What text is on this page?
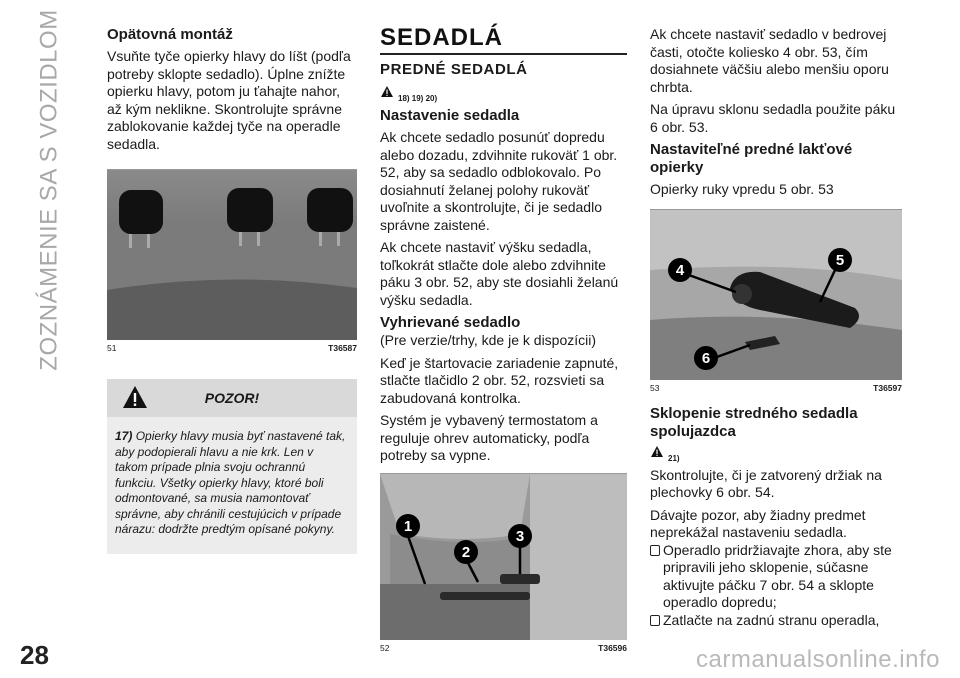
ZOZNÁMENIE SA S VOZIDLOM	Opätovná montáž
Vsuňte tyče opierky hlavy do líšt (podľa potreby sklopte sedadlo). Úplne znížte opierku hlavy, potom ju ťahajte nahor, až kým neklikne. Skontrolujte správne zablokovanie každej tyče na operadle sedadla.
51	T36587
POZOR!
17) Opierky hlavy musia byť nastavené tak, aby podopierali hlavu a nie krk. Len v takom prípade plnia svoju ochrannú funkciu. Všetky opierky hlavy, ktoré boli odmontované, sa musia namontovať správne, aby chránili cestujúcich v prípade nárazu: dodržte predtým opísané pokyny.
SEDADLÁ
PREDNÉ SEDADLÁ
18) 19) 20)
Nastavenie sedadla
Ak chcete sedadlo posunúť dopredu alebo dozadu, zdvihnite rukoväť 1 obr. 52, aby sa sedadlo odblokovalo. Po dosiahnutí želanej polohy rukoväť uvoľnite a skontrolujte, či je sedadlo správne zaistené.
Ak chcete nastaviť výšku sedadla, toľkokrát stlačte dole alebo zdvihnite páku 3 obr. 52, aby ste dosiahli želanú výšku sedadla.
Vyhrievané sedadlo
(Pre verzie/trhy, kde je k dispozícii)
Keď je štartovacie zariadenie zapnuté, stlačte tlačidlo 2 obr. 52, rozsvieti sa zabudovaná kontrolka.
Systém je vybavený termostatom a reguluje ohrev automaticky, podľa potreby sa vypne.
1
2
3
52	T36596
Ak chcete nastaviť sedadlo v bedrovej časti, otočte koliesko 4 obr. 53, čím dosiahnete väčšiu alebo menšiu oporu chrbta.
Na úpravu sklonu sedadla použite páku 6 obr. 53.
Nastaviteľné predné lakťové opierky
Opierky ruky vpredu 5 obr. 53
4
5
6
53	T36597
Sklopenie stredného sedadla spolujazdca
21)
Skontrolujte, či je zatvorený držiak na plechovky 6 obr. 54.
Dávajte pozor, aby žiadny predmet neprekážal nastaveniu sedadla.
Operadlo pridržiavajte zhora, aby ste pripravili jeho sklopenie, súčasne aktivujte páčku 7 obr. 54 a sklopte operadlo dopredu;
Zatlačte na zadnú stranu operadla,
28	carmanualsonline.info
